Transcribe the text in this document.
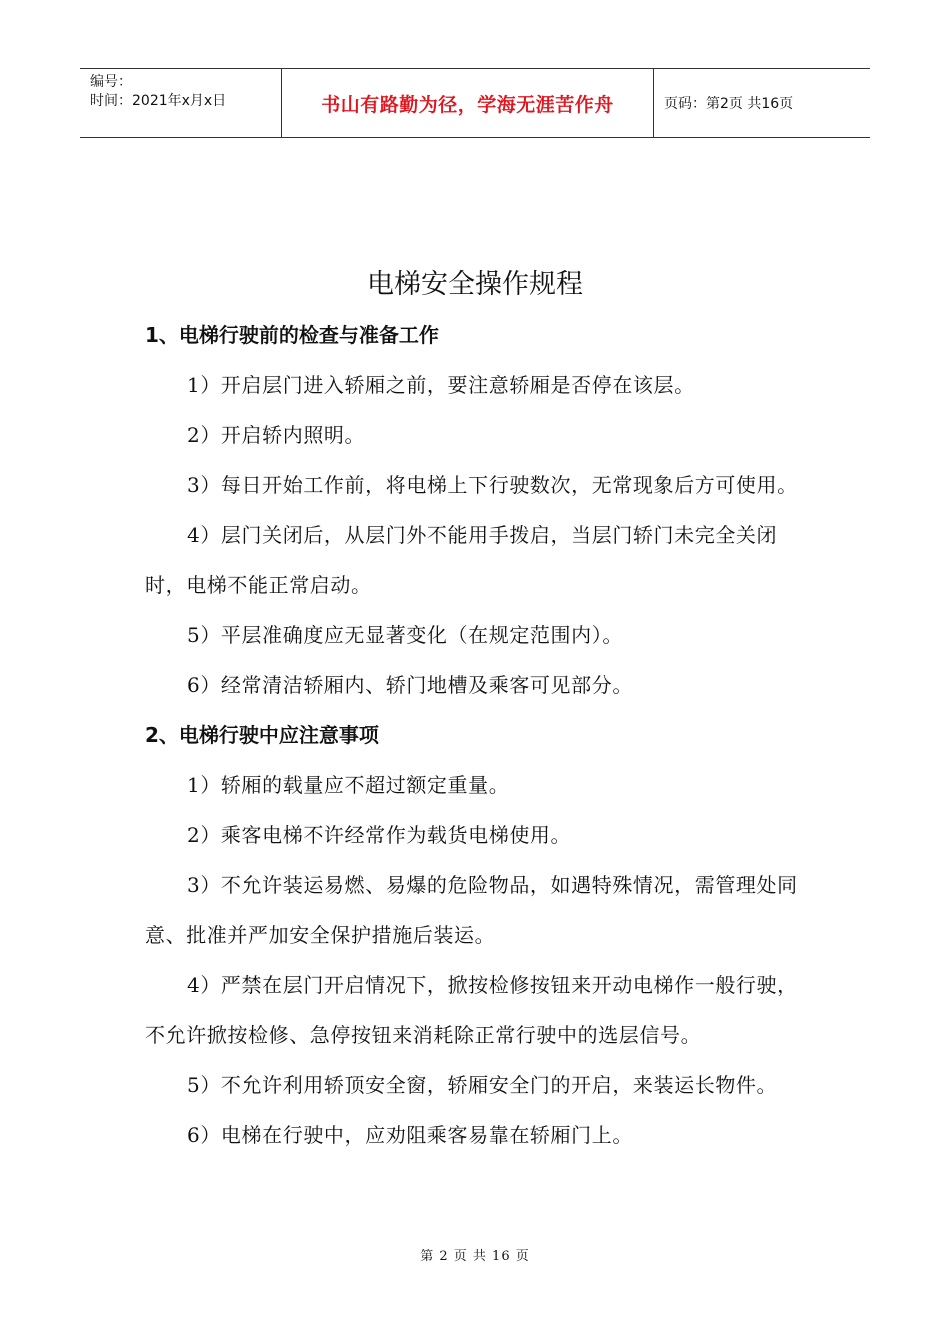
编号：
时间：2021年x月x日	书山有路勤为径，学海无涯苦作舟	页码：第2页 共16页
电梯安全操作规程
1、电梯行驶前的检查与准备工作

1）开启层门进入轿厢之前，要注意轿厢是否停在该层。

2）开启轿内照明。

3）每日开始工作前，将电梯上下行驶数次，无常现象后方可使用。

4）层门关闭后，从层门外不能用手拨启，当层门轿门未完全关闭时，电梯不能正常启动。

5）平层准确度应无显著变化（在规定范围内）。

6）经常清洁轿厢内、轿门地槽及乘客可见部分。

2、电梯行驶中应注意事项

1）轿厢的载量应不超过额定重量。

2）乘客电梯不许经常作为载货电梯使用。

3）不允许装运易燃、易爆的危险物品，如遇特殊情况，需管理处同意、批准并严加安全保护措施后装运。

4）严禁在层门开启情况下，掀按检修按钮来开动电梯作一般行驶，不允许掀按检修、急停按钮来消耗除正常行驶中的选层信号。

5）不允许利用轿顶安全窗，轿厢安全门的开启，来装运长物件。

6）电梯在行驶中，应劝阻乘客易靠在轿厢门上。

第 2 页 共 16 页
